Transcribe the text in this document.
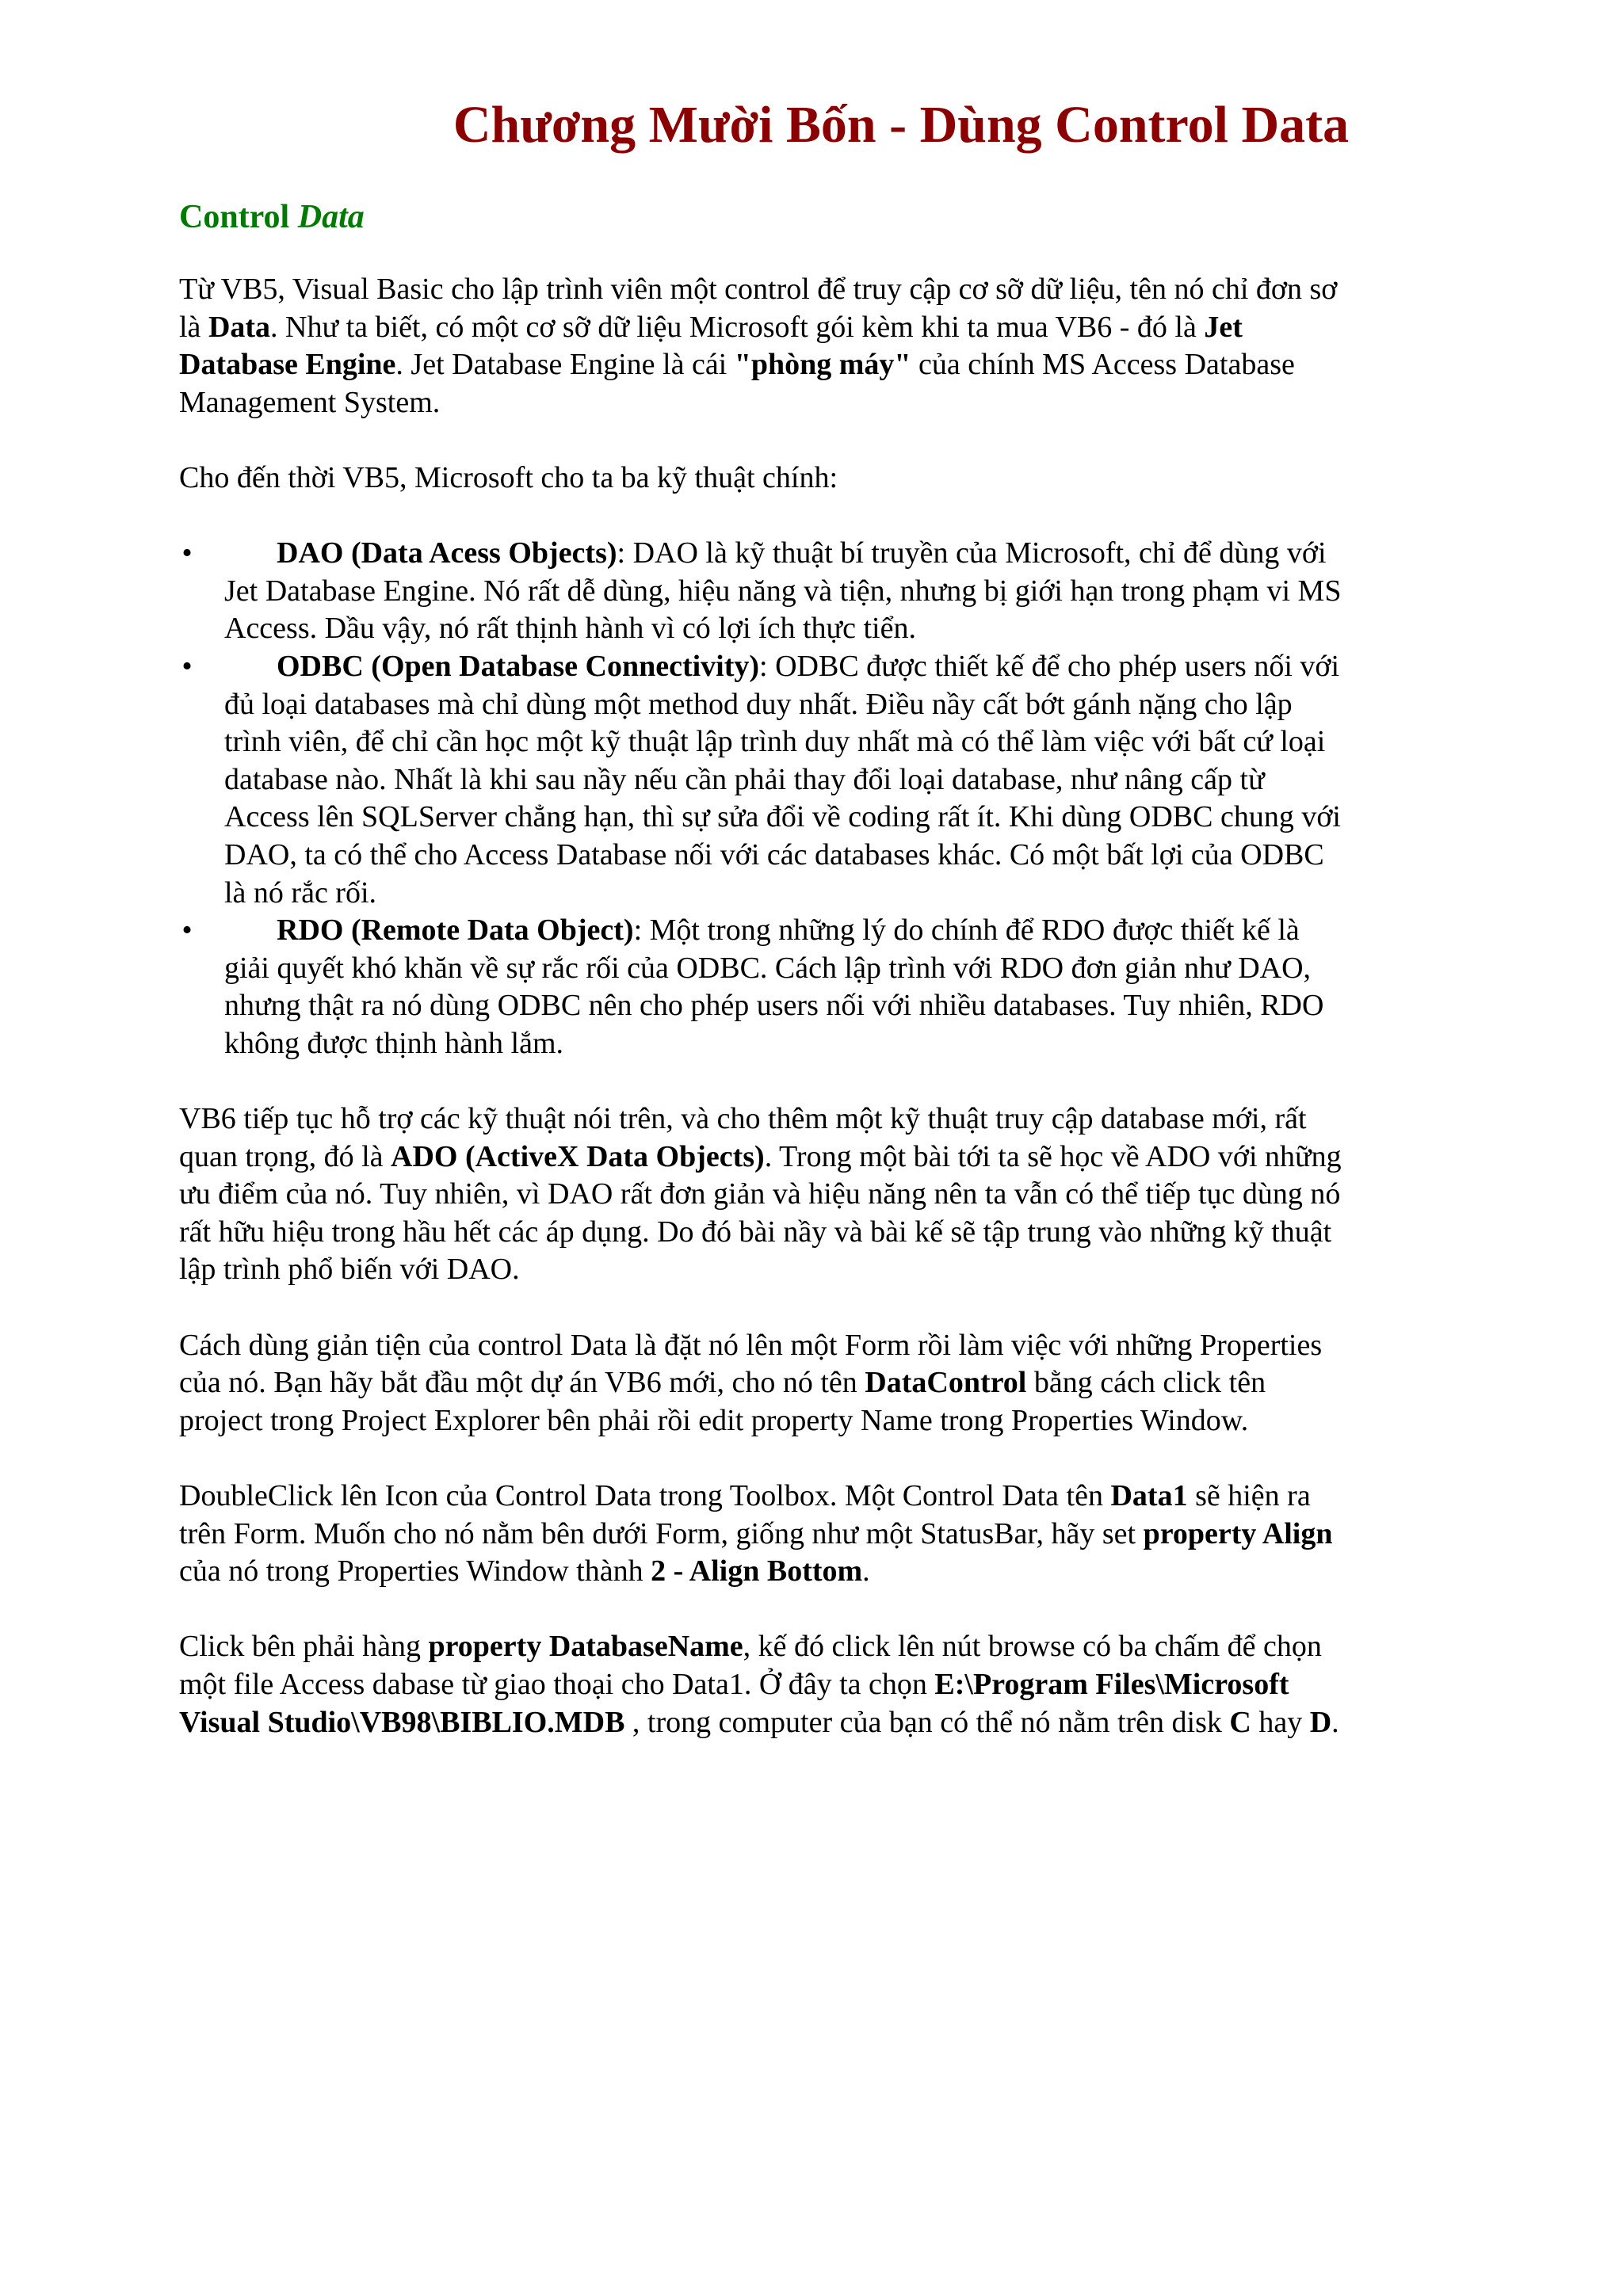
Chương Mười Bốn - Dùng Control Data
Control Data

Từ VB5, Visual Basic cho lập trình viên một control để truy cập cơ sỡ dữ liệu, tên nó chỉ đơn sơ là Data. Như ta biết, có một cơ sỡ dữ liệu Microsoft gói kèm khi ta mua VB6 - đó là Jet Database Engine. Jet Database Engine là cái "phòng máy" của chính MS Access Database Management System.

Cho đến thời VB5, Microsoft cho ta ba kỹ thuật chính:

•	DAO (Data Acess Objects): DAO là kỹ thuật bí truyền của Microsoft, chỉ để dùng với Jet Database Engine. Nó rất dễ dùng, hiệu năng và tiện, nhưng bị giới hạn trong phạm vi MS Access. Dầu vậy, nó rất thịnh hành vì có lợi ích thực tiển.
•	ODBC (Open Database Connectivity): ODBC được thiết kế để cho phép users nối với đủ loại databases mà chỉ dùng một method duy nhất. Điều nầy cất bớt gánh nặng cho lập trình viên, để chỉ cần học một kỹ thuật lập trình duy nhất mà có thể làm việc với bất cứ loại database nào. Nhất là khi sau nầy nếu cần phải thay đổi loại database, như nâng cấp từ Access lên SQLServer chẳng hạn, thì sự sửa đổi về coding rất ít. Khi dùng ODBC chung với DAO, ta có thể cho Access Database nối với các databases khác. Có một bất lợi của ODBC là nó rắc rối.
•	RDO (Remote Data Object): Một trong những lý do chính để RDO được thiết kế là giải quyết khó khăn về sự rắc rối của ODBC. Cách lập trình với RDO đơn giản như DAO, nhưng thật ra nó dùng ODBC nên cho phép users nối với nhiều databases. Tuy nhiên, RDO không được thịnh hành lắm.

VB6 tiếp tục hỗ trợ các kỹ thuật nói trên, và cho thêm một kỹ thuật truy cập database mới, rất quan trọng, đó là ADO (ActiveX Data Objects). Trong một bài tới ta sẽ học về ADO với những ưu điểm của nó. Tuy nhiên, vì DAO rất đơn giản và hiệu năng nên ta vẫn có thể tiếp tục dùng nó rất hữu hiệu trong hầu hết các áp dụng. Do đó bài nầy và bài kế sẽ tập trung vào những kỹ thuật lập trình phổ biến với DAO.

Cách dùng giản tiện của control Data là đặt nó lên một Form rồi làm việc với những Properties của nó. Bạn hãy bắt đầu một dự án VB6 mới, cho nó tên DataControl bằng cách click tên project trong Project Explorer bên phải rồi edit property Name trong Properties Window.

DoubleClick lên Icon của Control Data trong Toolbox. Một Control Data tên Data1 sẽ hiện ra trên Form. Muốn cho nó nằm bên dưới Form, giống như một StatusBar, hãy set property Align của nó trong Properties Window thành 2 - Align Bottom.

Click bên phải hàng property DatabaseName, kế đó click lên nút browse có ba chấm để chọn một file Access dabase từ giao thoại cho Data1. Ở đây ta chọn E:\Program Files\Microsoft Visual Studio\VB98\BIBLIO.MDB , trong computer của bạn có thể nó nằm trên disk C hay D.
